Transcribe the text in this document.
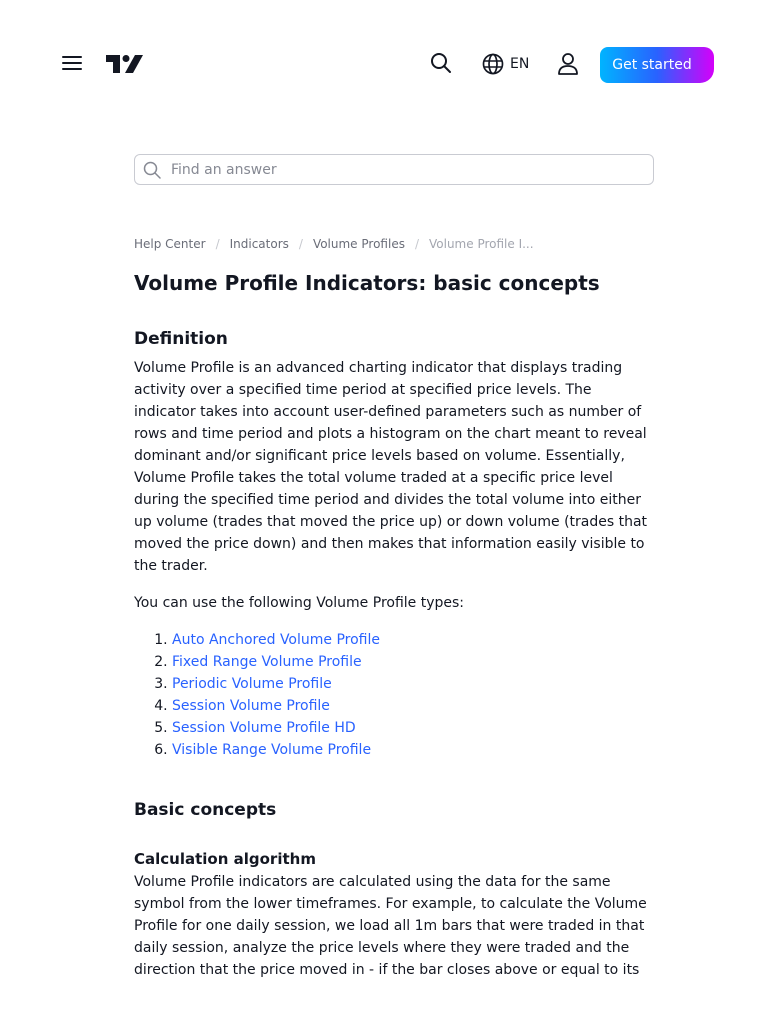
EN	Get started
Find an answer
Help Center / Indicators / Volume Profiles / Volume Profile I...
Volume Profile Indicators: basic concepts
Definition

Volume Profile is an advanced charting indicator that displays trading activity over a specified time period at specified price levels. The indicator takes into account user-defined parameters such as number of rows and time period and plots a histogram on the chart meant to reveal dominant and/or significant price levels based on volume. Essentially, Volume Profile takes the total volume traded at a specific price level during the specified time period and divides the total volume into either up volume (trades that moved the price up) or down volume (trades that moved the price down) and then makes that information easily visible to the trader.

You can use the following Volume Profile types:

1. Auto Anchored Volume Profile
2. Fixed Range Volume Profile
3. Periodic Volume Profile
4. Session Volume Profile
5. Session Volume Profile HD
6. Visible Range Volume Profile
Basic concepts
Calculation algorithm

Volume Profile indicators are calculated using the data for the same symbol from the lower timeframes. For example, to calculate the Volume Profile for one daily session, we load all 1m bars that were traded in that daily session, analyze the price levels where they were traded and the direction that the price moved in - if the bar closes above or equal to its
